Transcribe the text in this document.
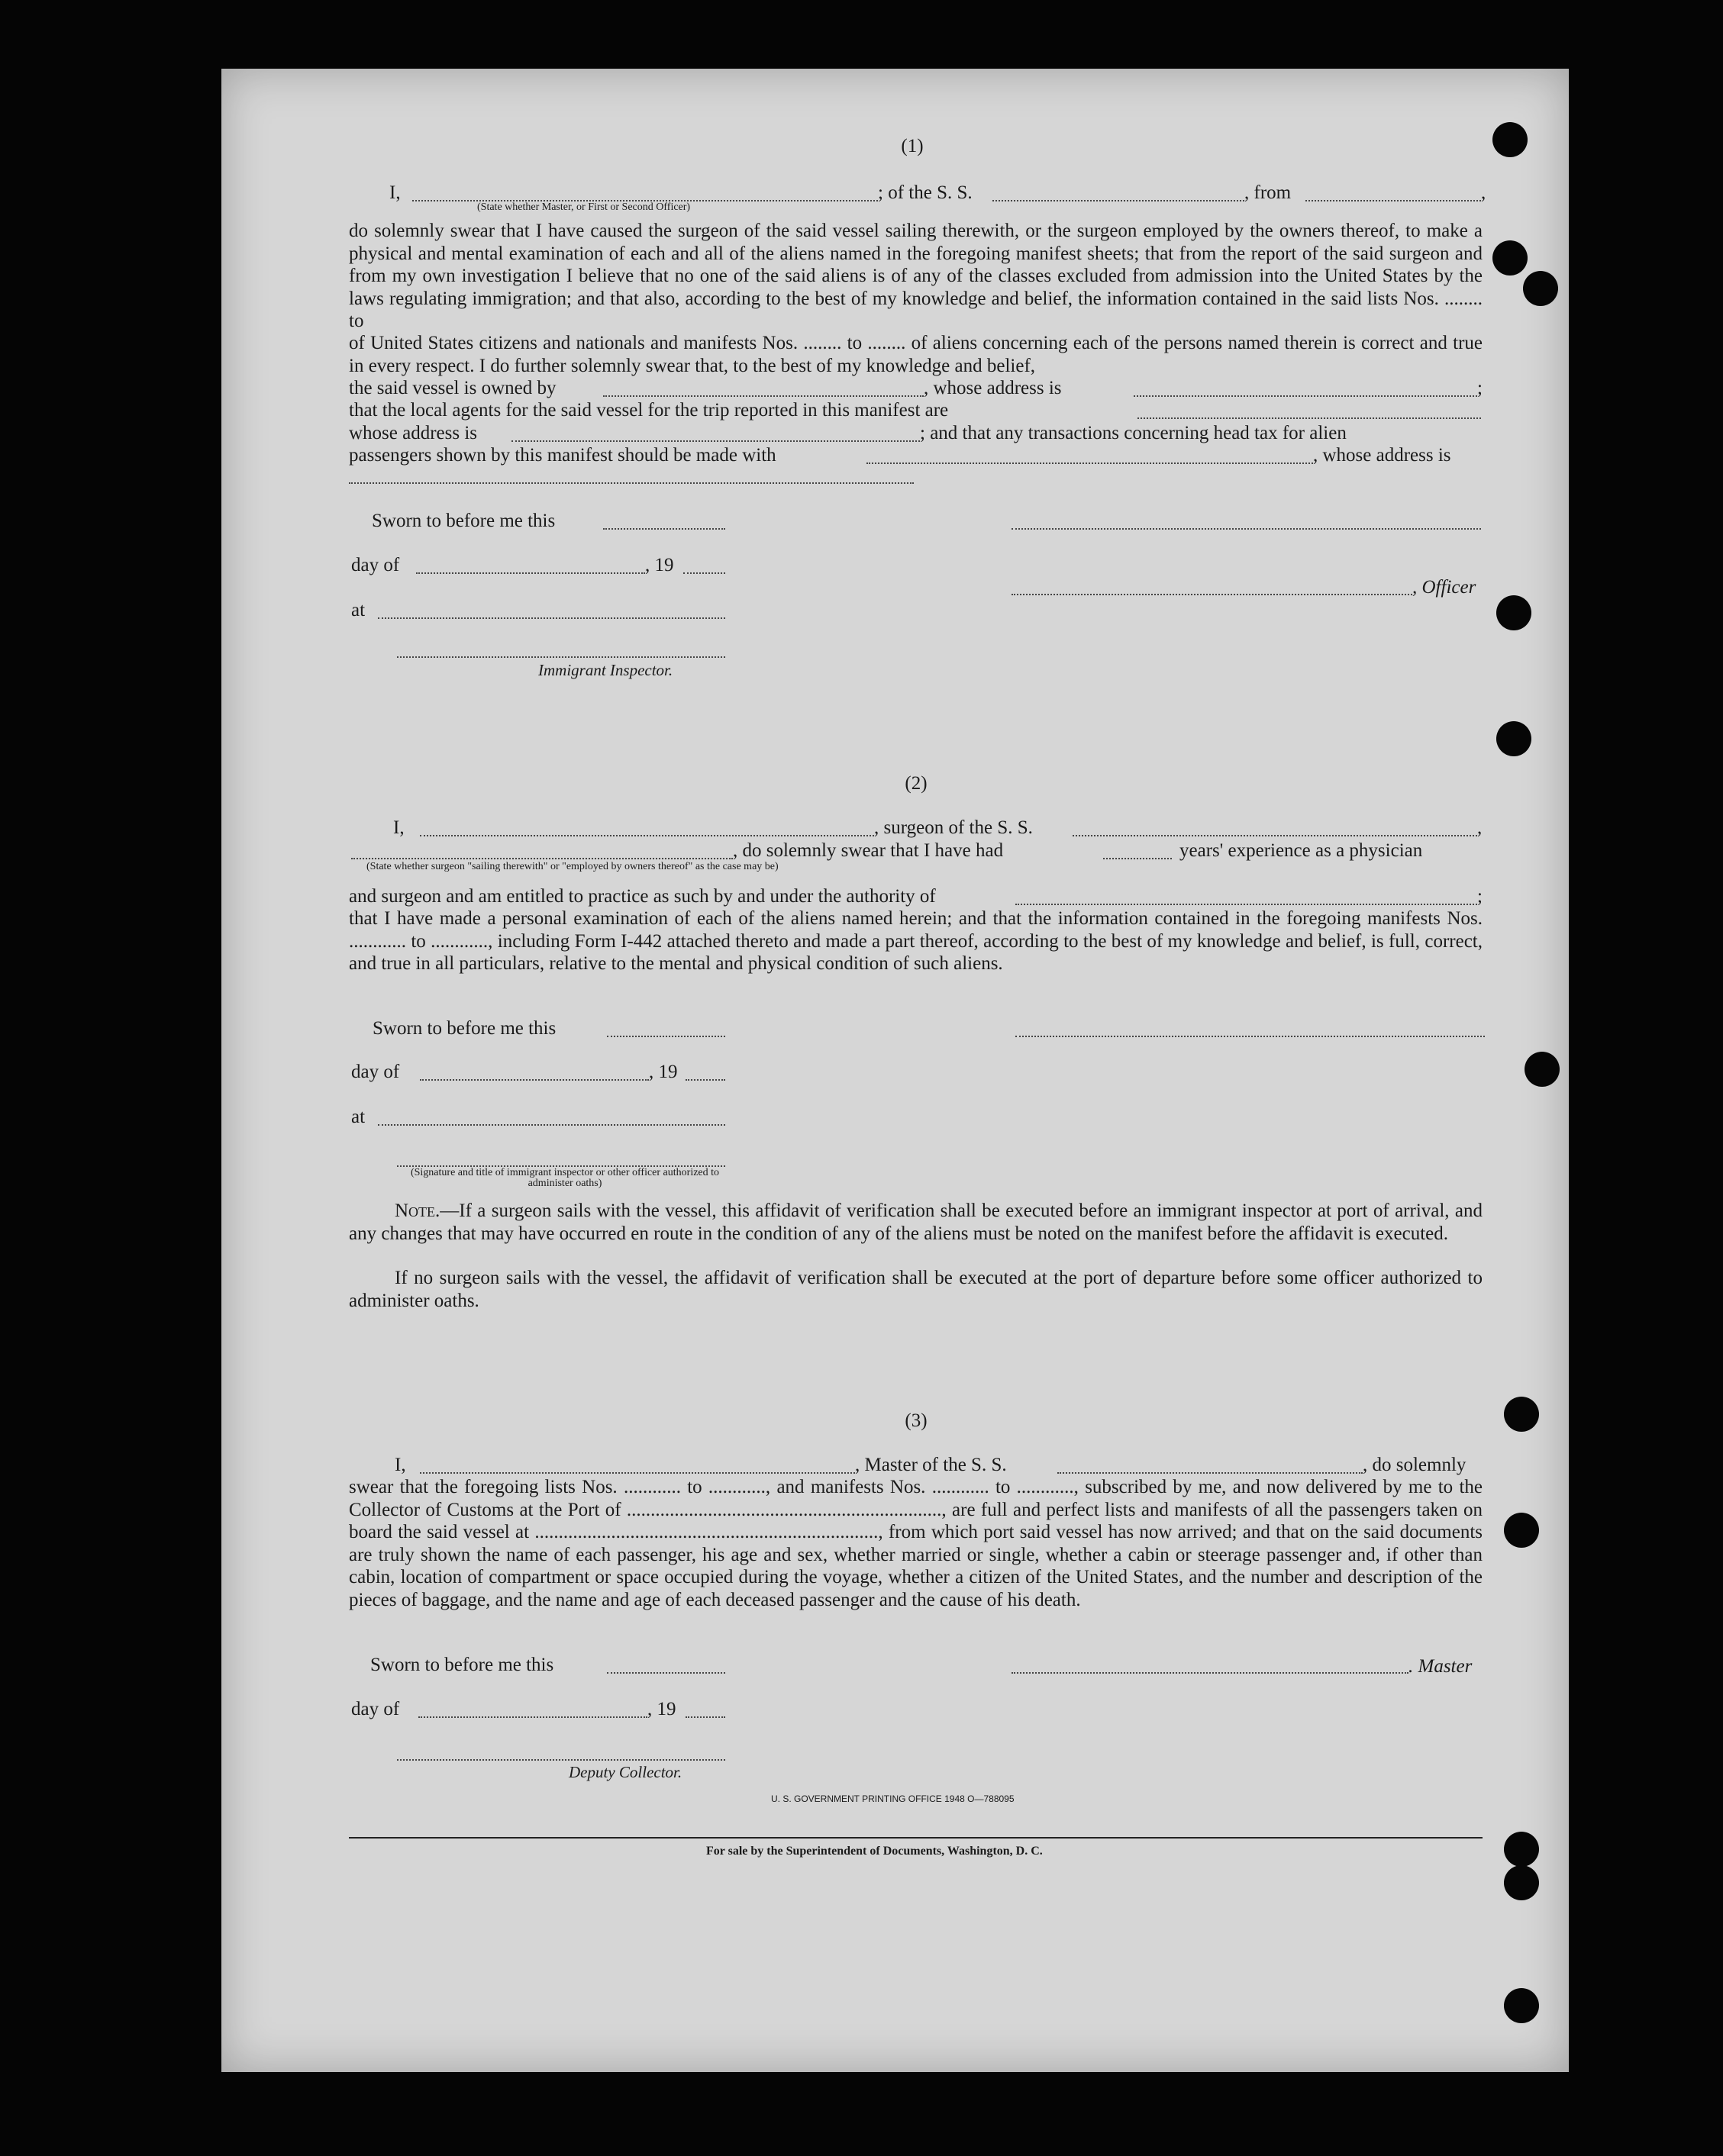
(1)
I,	; of the S. S.	, from	,
(State whether Master, or First or Second Officer)
do solemnly swear that I have caused the surgeon of the said vessel sailing therewith, or the surgeon employed by the owners thereof, to make a physical and mental examination of each and all of the aliens named in the foregoing manifest sheets; that from the report of the said surgeon and from my own investigation I believe that no one of the said aliens is of any of the classes excluded from admission into the United States by the laws regulating immigration; and that also, according to the best of my knowledge and belief, the information contained in the said lists Nos. ........ to
of United States citizens and nationals and manifests Nos. ........ to ........ of aliens concerning each of the persons named therein is correct and true in every respect. I do further solemnly swear that, to the best of my knowledge and belief,
the said vessel is owned by	, whose address is	;
that the local agents for the said vessel for the trip reported in this manifest are
whose address is	; and that any transactions concerning head tax for alien
passengers shown by this manifest should be made with	, whose address is
Sworn to before me this
day of	, 19
at
, Officer
Immigrant Inspector.
(2)
I,	, surgeon of the S. S.	,
, do solemnly swear that I have had	years' experience as a physician
(State whether surgeon "sailing therewith" or "employed by owners thereof" as the case may be)
and surgeon and am entitled to practice as such by and under the authority of	;
that I have made a personal examination of each of the aliens named herein; and that the information contained in the foregoing manifests Nos. ............ to ............, including Form I-442 attached thereto and made a part thereof, according to the best of my knowledge and belief, is full, correct, and true in all particulars, relative to the mental and physical condition of such aliens.
Sworn to before me this
day of	, 19
at
(Signature and title of immigrant inspector or other officer authorized to administer oaths)
Note.—If a surgeon sails with the vessel, this affidavit of verification shall be executed before an immigrant inspector at port of arrival, and any changes that may have occurred en route in the condition of any of the aliens must be noted on the manifest before the affidavit is executed.
If no surgeon sails with the vessel, the affidavit of verification shall be executed at the port of departure before some officer authorized to administer oaths.
(3)
I,	, Master of the S. S.	, do solemnly
swear that the foregoing lists Nos. ............ to ............, and manifests Nos. ............ to ............, subscribed by me, and now delivered by me to the Collector of Customs at the Port of .................................................................., are full and perfect lists and manifests of all the passengers taken on board the said vessel at ........................................................................, from which port said vessel has now arrived; and that on the said documents are truly shown the name of each passenger, his age and sex, whether married or single, whether a cabin or steerage passenger and, if other than cabin, location of compartment or space occupied during the voyage, whether a citizen of the United States, and the number and description of the pieces of baggage, and the name and age of each deceased passenger and the cause of his death.
Sworn to before me this	. Master
day of	, 19
Deputy Collector.
U. S. GOVERNMENT PRINTING OFFICE 1948 O—788095
For sale by the Superintendent of Documents, Washington, D. C.
